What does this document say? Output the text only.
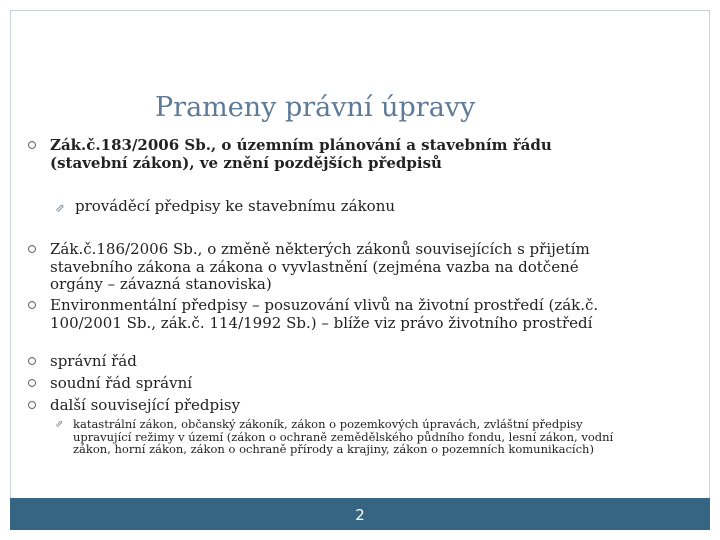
Prameny právní úpravy
Zák.č.183/2006 Sb., o územním plánování a stavebním řádu (stavební zákon), ve znění pozdějších předpisů
⇗ prováděcí předpisy ke stavebnímu zákonu
Zák.č.186/2006 Sb., o změně některých zákonů souvisejících s přijetím stavebního zákona a zákona o vyvlastnění (zejména vazba na dotčené orgány – závazná stanoviska)
Environmentální předpisy – posuzování vlivů na životní prostředí (zák.č. 100/2001 Sb., zák.č. 114/1992 Sb.) – blíže viz právo životního prostředí
správní řád
soudní řád správní
další související předpisy
⇗ katastrální zákon, občanský zákoník, zákon o pozemkových úpravách, zvláštní předpisy upravující režimy v území (zákon o ochraně zemědělského půdního fondu, lesní zákon, vodní zákon, horní zákon, zákon o ochraně přírody a krajiny, zákon o pozemních komunikacích)
2
